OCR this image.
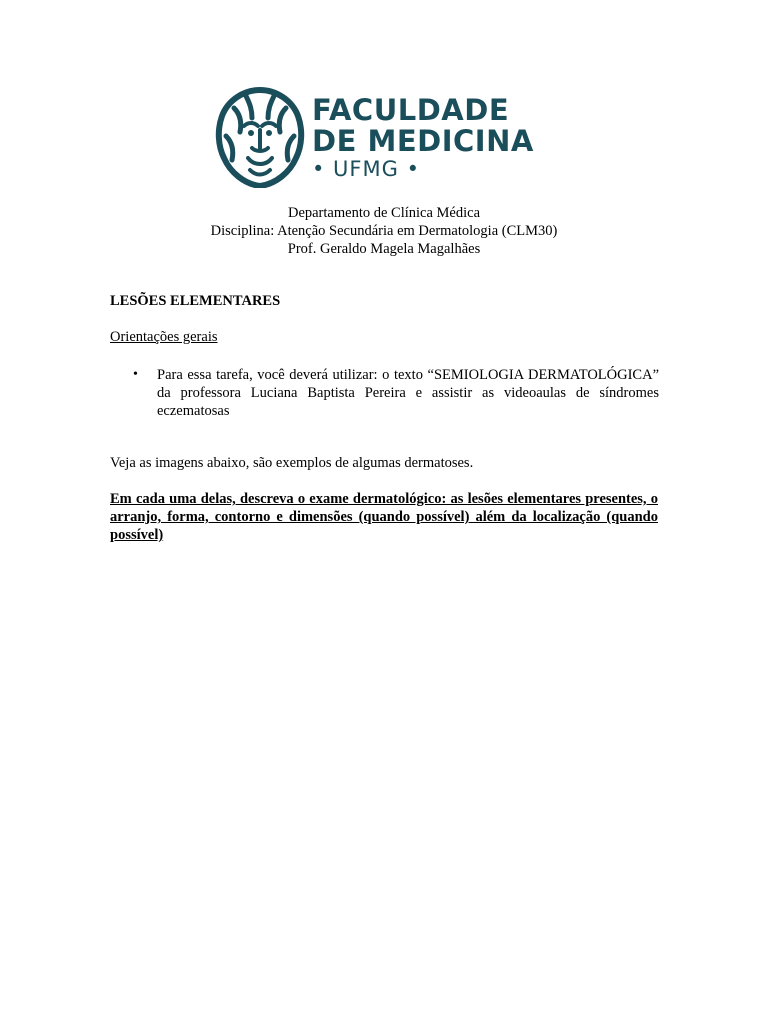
FACULDADE
DE MEDICINA
• UFMG •
Departamento de Clínica Médica
Disciplina: Atenção Secundária em Dermatologia (CLM30)
Prof. Geraldo Magela Magalhães
LESÕES ELEMENTARES
Orientações gerais
• Para essa tarefa, você deverá utilizar: o texto “SEMIOLOGIA DERMATOLÓGICA” da professora Luciana Baptista Pereira e assistir as videoaulas de síndromes eczematosas
Veja as imagens abaixo, são exemplos de algumas dermatoses.
Em cada uma delas, descreva o exame dermatológico: as lesões elementares presentes, o arranjo, forma, contorno e dimensões (quando possível) além da localização (quando possível)
